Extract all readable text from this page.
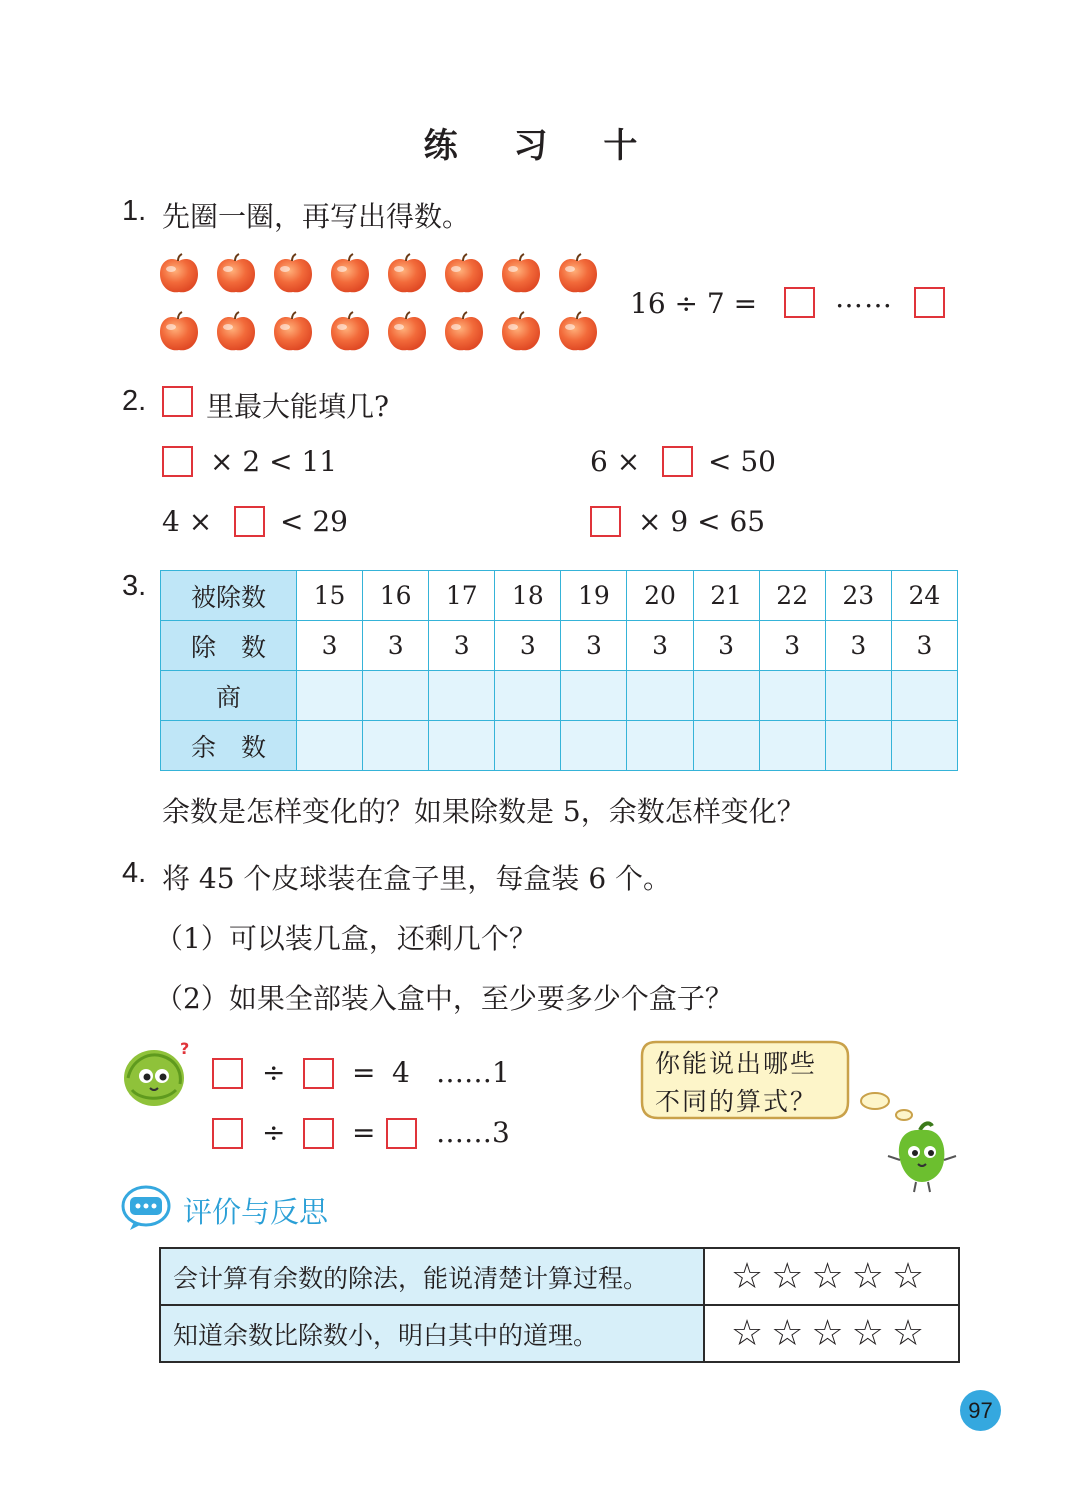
练 习 十
1. 先圈一圈，再写出得数。
16 ÷ 7 =	……
2. 里最大能填几?
× 2 < 11	6 × < 50
4 × < 29	× 9 < 65
3. 被除数	15	16	17	18	19	20	21	22	23	24
除　数	3	3	3	3	3	3	3	3	3	3
商										
余　数										
余数是怎样变化的？如果除数是 5，余数怎样变化？
4. 将 45 个皮球装在盒子里，每盒装 6 个。
（1）可以装几盒，还剩几个？
（2）如果全部装入盒中，至少要多少个盒子？
?
÷ = 4 ……1
÷ = ……3
你能说出哪些
不同的算式？
评价与反思
会计算有余数的除法，能说清楚计算过程。	☆☆☆☆☆
知道余数比除数小，明白其中的道理。	☆☆☆☆☆
97
